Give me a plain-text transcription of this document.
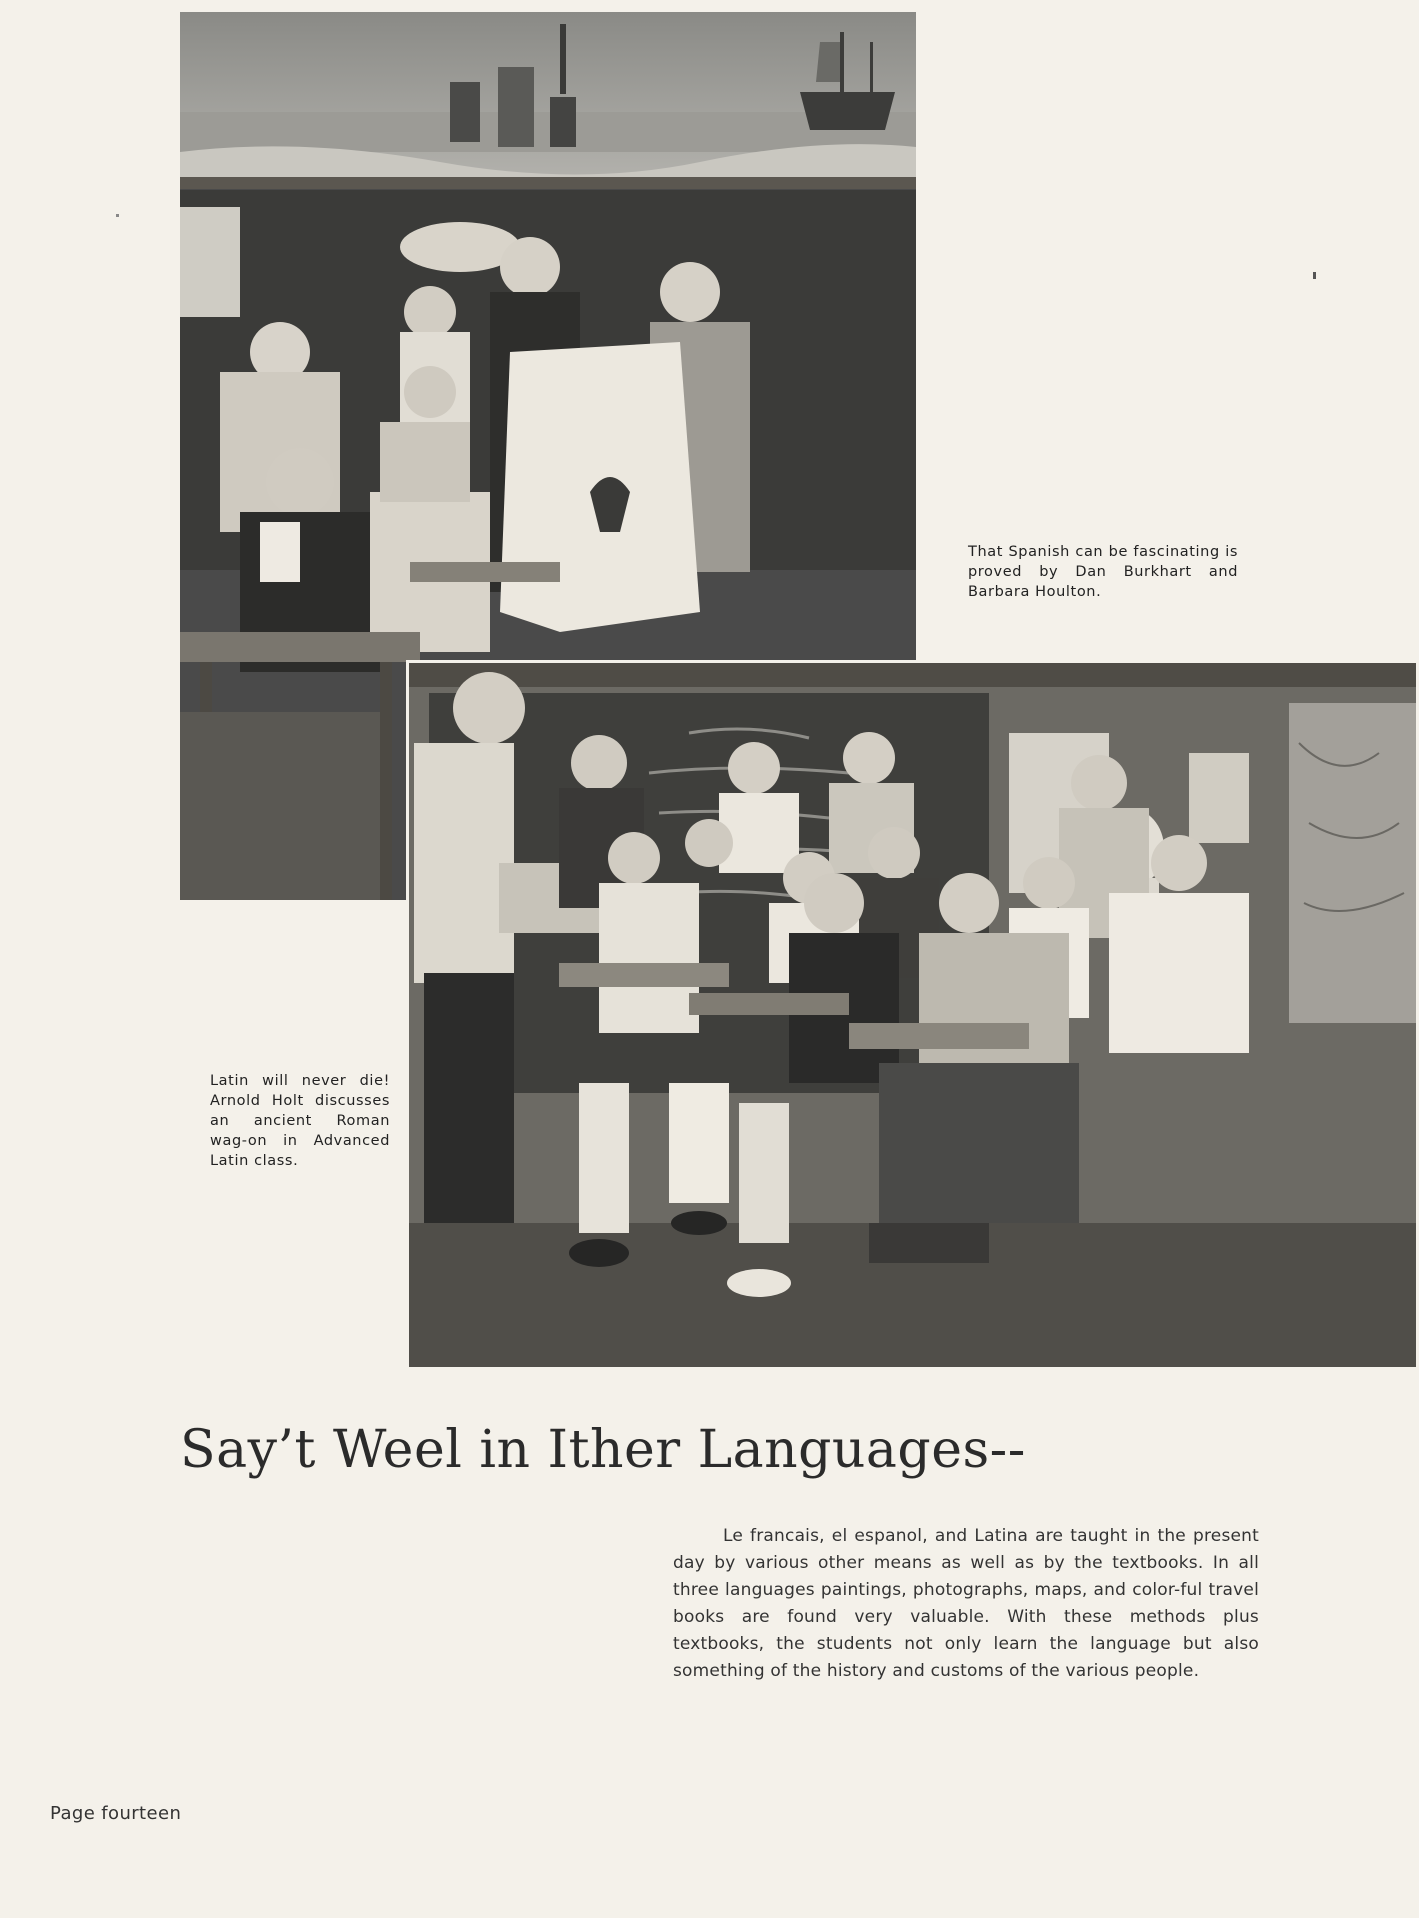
That Spanish can be fascinating is proved by Dan Burkhart and Barbara Houlton.
Latin will never die! Arnold Holt discusses an ancient Roman wag-on in Advanced Latin class.
Say’t Weel in Ither Languages--

Le francais, el espanol, and Latina are taught in the present day by various other means as well as by the textbooks. In all three languages paintings, photographs, maps, and color-ful travel books are found very valuable. With these methods plus textbooks, the students not only learn the language but also something of the history and customs of the various people.

Page fourteen
